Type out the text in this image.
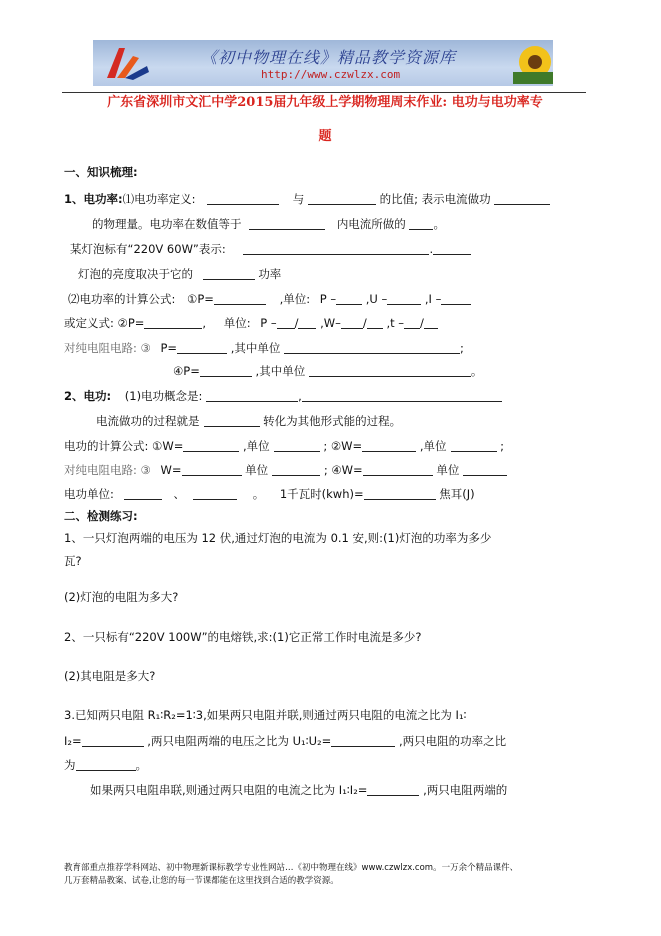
《初中物理在线》精品教学资源库
http://www.czwlzx.com
广东省深圳市文汇中学2015届九年级上学期物理周末作业: 电功与电功率专
题
一、知识梳理:
1、电功率:⑴电功率定义:	与	的比值; 表示电流做功
的物理量。电功率在数值等于	内电流所做的 。
某灯泡标有“220V 60W”表示:	.
灯泡的亮度取决于它的	功率
⑵电功率的计算公式: ①P=	,单位: P –	,U –	,I –
或定义式: ②P=	, 单位: P – / ,W– / ,t – /
对纯电阻电路: ③ P=	,其中单位	;
④P=	,其中单位	。
2、电功: (1)电功概念是:	,
电流做功的过程就是	转化为其他形式能的过程。
电功的计算公式: ①W=	,单位	; ②W=	,单位	;
对纯电阻电路: ③ W=	单位	; ④W=	单位
电功单位:	、	。 1千瓦时(kwh)=	焦耳(J)
二、检测练习:
1、一只灯泡两端的电压为 12 伏,通过灯泡的电流为 0.1 安,则:(1)灯泡的功率为多少
瓦?
(2)灯泡的电阻为多大?
2、一只标有“220V 100W”的电熔铁,求:(1)它正常工作时电流是多少?
(2)其电阻是多大?
3.已知两只电阻 R₁∶R₂=1∶3,如果两只电阻并联,则通过两只电阻的电流之比为 I₁∶
I₂=	,两只电阻两端的电压之比为 U₁∶U₂=	,两只电阻的功率之比
为	。
如果两只电阻串联,则通过两只电阻的电流之比为 I₁∶I₂=	,两只电阻两端的
教育部重点推荐学科网站、初中物理新课标教学专业性网站…《初中物理在线》www.czwlzx.com。一万余个精品课件、
几万套精品教案、试卷,让您的每一节课都能在这里找到合适的教学资源。
